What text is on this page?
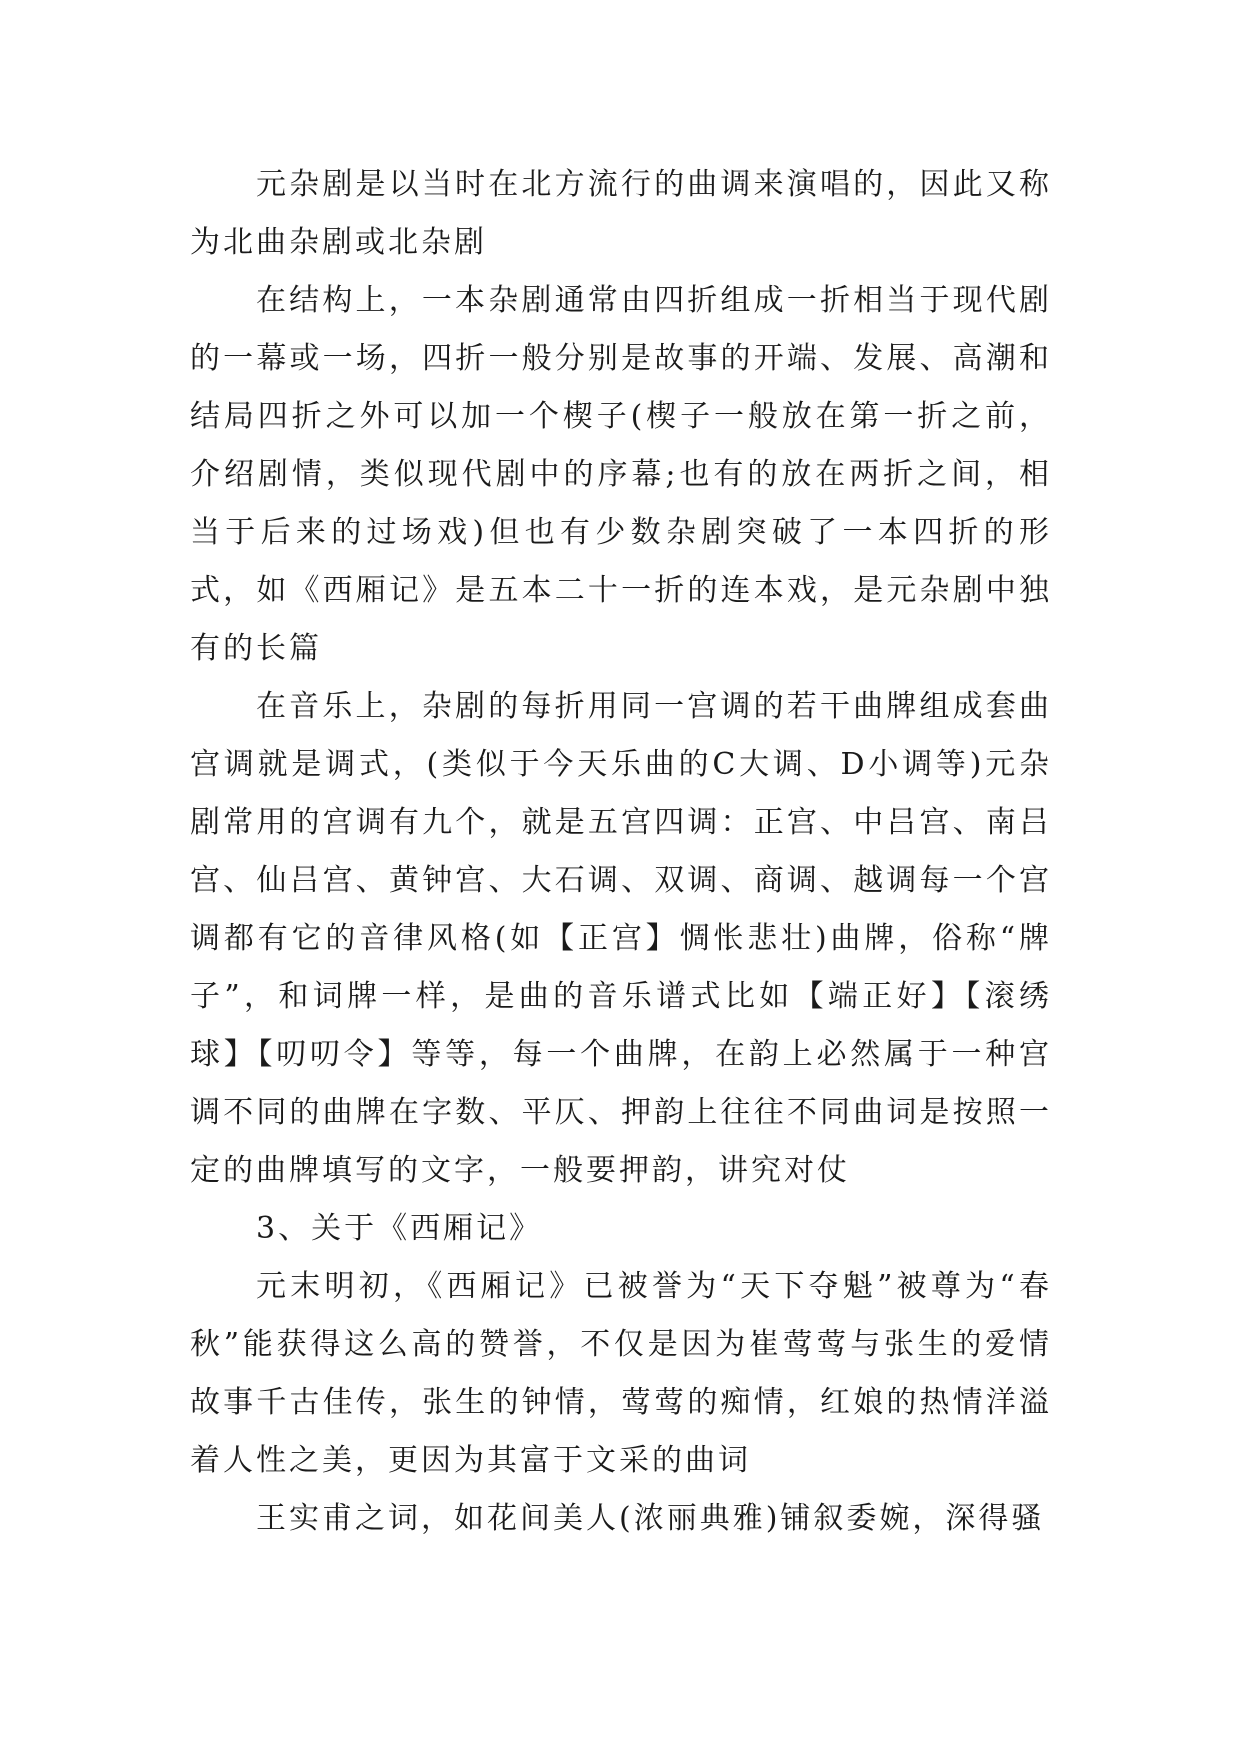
元杂剧是以当时在北方流行的曲调来演唱的，因此又称为北曲杂剧或北杂剧

在结构上，一本杂剧通常由四折组成一折相当于现代剧的一幕或一场，四折一般分别是故事的开端、发展、高潮和结局四折之外可以加一个楔子(楔子一般放在第一折之前，介绍剧情，类似现代剧中的序幕;也有的放在两折之间，相当于后来的过场戏)但也有少数杂剧突破了一本四折的形式，如《西厢记》是五本二十一折的连本戏，是元杂剧中独有的长篇

在音乐上，杂剧的每折用同一宫调的若干曲牌组成套曲宫调就是调式，(类似于今天乐曲的C大调、D小调等)元杂剧常用的宫调有九个，就是五宫四调：正宫、中吕宫、南吕宫、仙吕宫、黄钟宫、大石调、双调、商调、越调每一个宫调都有它的音律风格(如【正宫】惆怅悲壮)曲牌，俗称“牌子”，和词牌一样，是曲的音乐谱式比如【端正好】【滚绣球】【叨叨令】等等，每一个曲牌，在韵上必然属于一种宫调不同的曲牌在字数、平仄、押韵上往往不同曲词是按照一定的曲牌填写的文字，一般要押韵，讲究对仗

3、关于《西厢记》

元末明初，《西厢记》已被誉为“天下夺魁”被尊为“春秋”能获得这么高的赞誉，不仅是因为崔莺莺与张生的爱情故事千古佳传，张生的钟情，莺莺的痴情，红娘的热情洋溢着人性之美，更因为其富于文采的曲词

王实甫之词，如花间美人(浓丽典雅)铺叙委婉，深得骚
